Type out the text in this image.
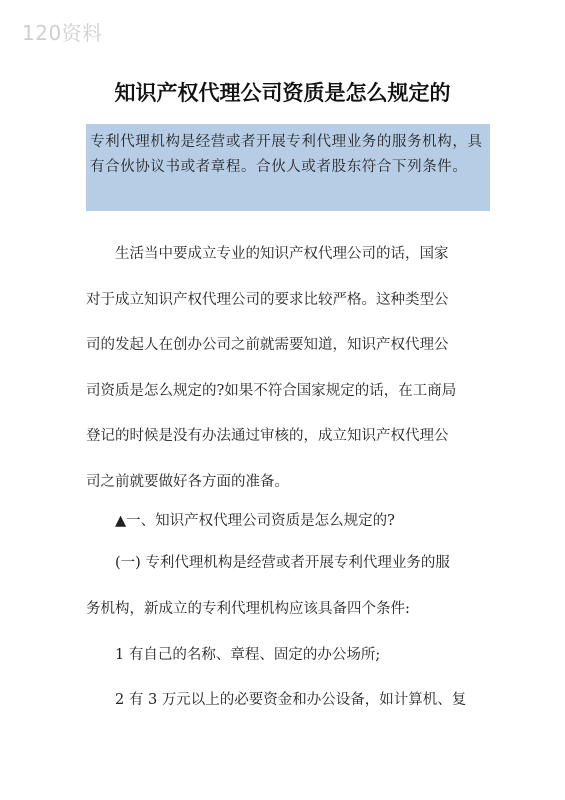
120资料
知识产权代理公司资质是怎么规定的
专利代理机构是经营或者开展专利代理业务的服务机构，具有合伙协议书或者章程。合伙人或者股东符合下列条件。
生活当中要成立专业的知识产权代理公司的话，国家
对于成立知识产权代理公司的要求比较严格。这种类型公
司的发起人在创办公司之前就需要知道，知识产权代理公
司资质是怎么规定的?如果不符合国家规定的话，在工商局
登记的时候是没有办法通过审核的，成立知识产权代理公
司之前就要做好各方面的准备。
▲一、知识产权代理公司资质是怎么规定的?
(一) 专利代理机构是经营或者开展专利代理业务的服
务机构，新成立的专利代理机构应该具备四个条件:
1 有自己的名称、章程、固定的办公场所;
2 有 3 万元以上的必要资金和办公设备，如计算机、复
